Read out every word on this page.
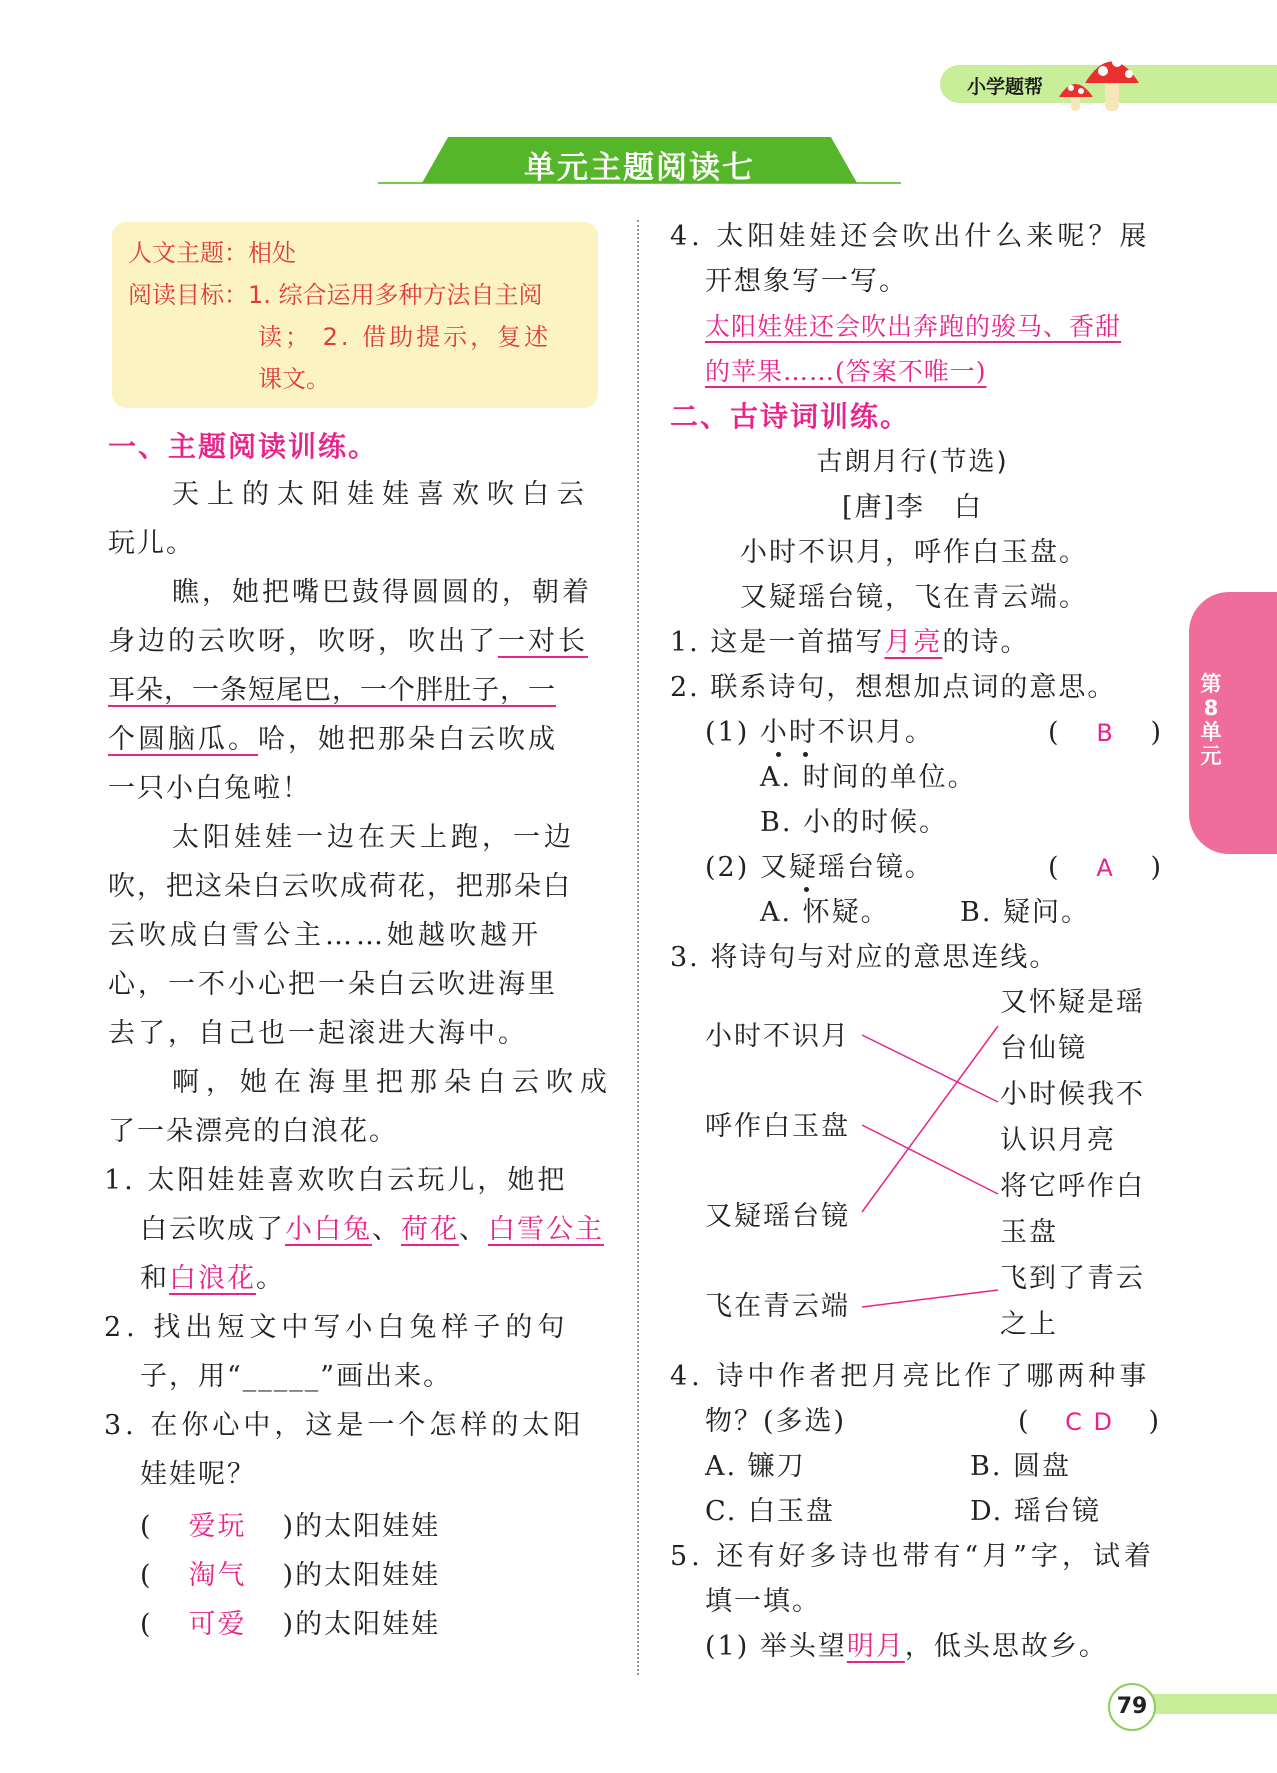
小学题帮
单元主题阅读七
人文主题：相处
阅读目标：1. 综合运用多种方法自主阅
读； 2. 借助提示，复述
课文。
一、主题阅读训练。
天上的太阳娃娃喜欢吹白云
玩儿。
瞧，她把嘴巴鼓得圆圆的，朝着
身边的云吹呀，吹呀，吹出了一对长
耳朵，一条短尾巴，一个胖肚子，一
个圆脑瓜。哈，她把那朵白云吹成
一只小白兔啦！
太阳娃娃一边在天上跑，一边
吹，把这朵白云吹成荷花，把那朵白
云吹成白雪公主……她越吹越开
心，一不小心把一朵白云吹进海里
去了，自己也一起滚进大海中。
啊，她在海里把那朵白云吹成
了一朵漂亮的白浪花。
1. 太阳娃娃喜欢吹白云玩儿，她把
白云吹成了小白兔、荷花、白雪公主
和白浪花。
2. 找出短文中写小白兔样子的句
子，用“_____”画出来。
3. 在你心中，这是一个怎样的太阳
娃娃呢？
( 爱玩 )的太阳娃娃
( 淘气 )的太阳娃娃
( 可爱 )的太阳娃娃
4. 太阳娃娃还会吹出什么来呢？展
开想象写一写。
太阳娃娃还会吹出奔跑的骏马、香甜
的苹果……(答案不唯一)
二、古诗词训练。
古朗月行(节选)
[唐]李　白
小时不识月，呼作白玉盘。
又疑瑶台镜，飞在青云端。
1. 这是一首描写月亮的诗。
2. 联系诗句，想想加点词的意思。
(1) 小时不识月。	( B )
A. 时间的单位。
B. 小的时候。
(2) 又疑瑶台镜。	( A )
A. 怀疑。	B. 疑问。
3. 将诗句与对应的意思连线。
小时不识月
呼作白玉盘
又疑瑶台镜
飞在青云端
又怀疑是瑶
台仙镜
小时候我不
认识月亮
将它呼作白
玉盘
飞到了青云
之上
4. 诗中作者把月亮比作了哪两种事
物？(多选)	( C D )
A. 镰刀	B. 圆盘
C. 白玉盘	D. 瑶台镜
5. 还有好多诗也带有“月”字，试着
填一填。
(1) 举头望明月，低头思故乡。
第8单元
79
